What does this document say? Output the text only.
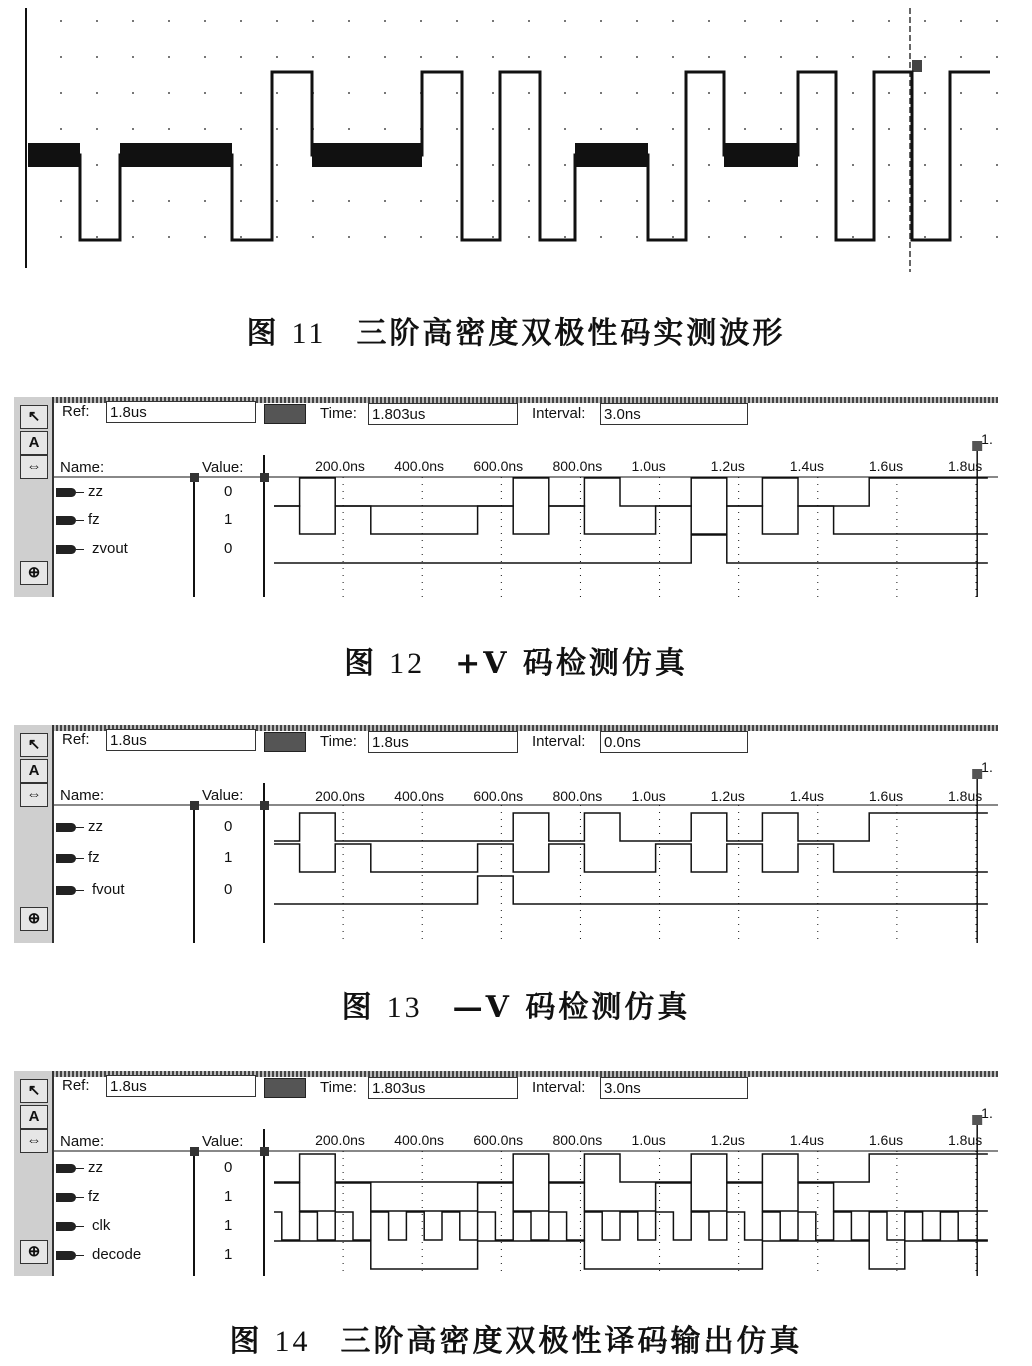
图 11 三阶高密度双极性码实测波形
↖
A
⇔
⊕
Ref: 1.8us	Time: 1.803us	Interval: 3.0ns
Name:	Value:	200.0ns 400.0ns 600.0ns 800.0ns 1.0us	1.2us	1.4us	1.6us	1.8us
1.
zz	0
fz	1
zvout	0
图 12 +V 码检测仿真
↖
A
⇔
⊕
Ref: 1.8us	Time: 1.8us	Interval: 0.0ns
Name:	Value:	200.0ns 400.0ns 600.0ns 800.0ns 1.0us	1.2us	1.4us	1.6us	1.8us
1.
zz	0
fz	1
fvout	0
图 13 —V 码检测仿真
↖
A
⇔
⊕
Ref: 1.8us	Time: 1.803us	Interval: 3.0ns
Name:	Value:	200.0ns 400.0ns 600.0ns 800.0ns 1.0us	1.2us	1.4us	1.6us	1.8us
1.
zz	0
fz	1
clk	1
decode	1
图 14 三阶高密度双极性译码输出仿真
